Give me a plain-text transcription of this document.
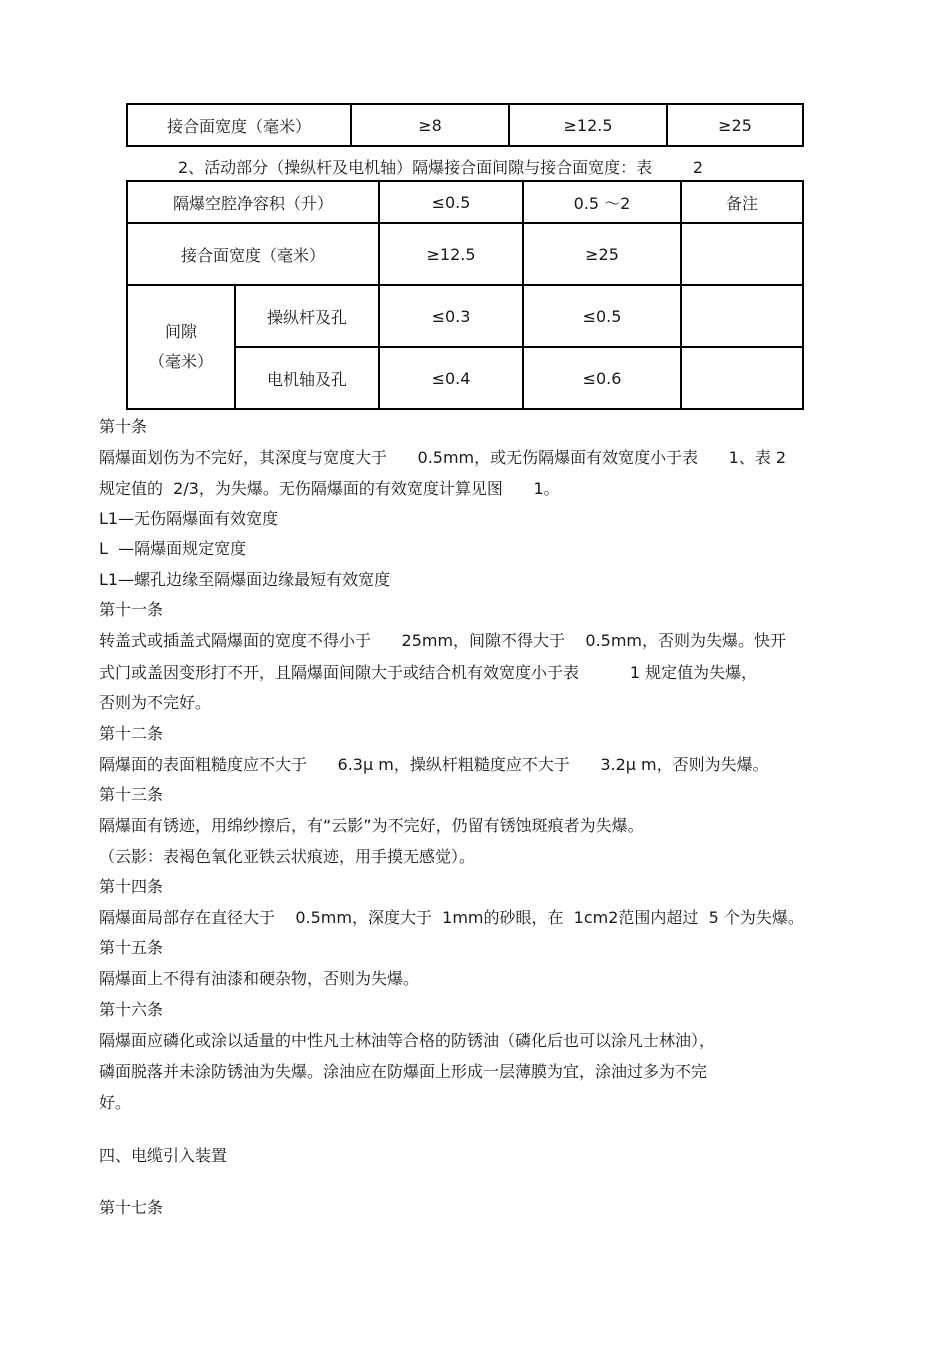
接合面宽度（毫米）	≥8	≥12.5	≥25
2、活动部分（操纵杆及电机轴）隔爆接合面间隙与接合面宽度：表        2
隔爆空腔净容积（升）		≤0.5	0.5 ～2	备注
接合面宽度（毫米）		≥12.5	≥25	
间隙
（毫米）	操纵杆及孔	≤0.3	≤0.5	
	电机轴及孔	≤0.4	≤0.6	
第十条
隔爆面划伤为不完好，其深度与宽度大于      0.5mm，或无伤隔爆面有效宽度小于表      1、表 2
规定值的  2/3，为失爆。无伤隔爆面的有效宽度计算见图      1。
L1—无伤隔爆面有效宽度
L  —隔爆面规定宽度
L1—螺孔边缘至隔爆面边缘最短有效宽度
第十一条
转盖式或插盖式隔爆面的宽度不得小于      25mm，间隙不得大于    0.5mm，否则为失爆。快开
式门或盖因变形打不开，且隔爆面间隙大于或结合机有效宽度小于表          1 规定值为失爆，
否则为不完好。
第十二条
隔爆面的表面粗糙度应不大于      6.3μ m，操纵杆粗糙度应不大于      3.2μ m，否则为失爆。
第十三条
隔爆面有锈迹，用绵纱擦后，有“云影”为不完好，仍留有锈蚀斑痕者为失爆。
（云影：表褐色氧化亚铁云状痕迹，用手摸无感觉）。
第十四条
隔爆面局部存在直径大于    0.5mm，深度大于  1mm的砂眼，在  1cm2范围内超过  5 个为失爆。
第十五条
隔爆面上不得有油漆和硬杂物，否则为失爆。
第十六条
隔爆面应磷化或涂以适量的中性凡士林油等合格的防锈油（磷化后也可以涂凡士林油），
磷面脱落并未涂防锈油为失爆。涂油应在防爆面上形成一层薄膜为宜，涂油过多为不完
好。
四、电缆引入装置
第十七条
